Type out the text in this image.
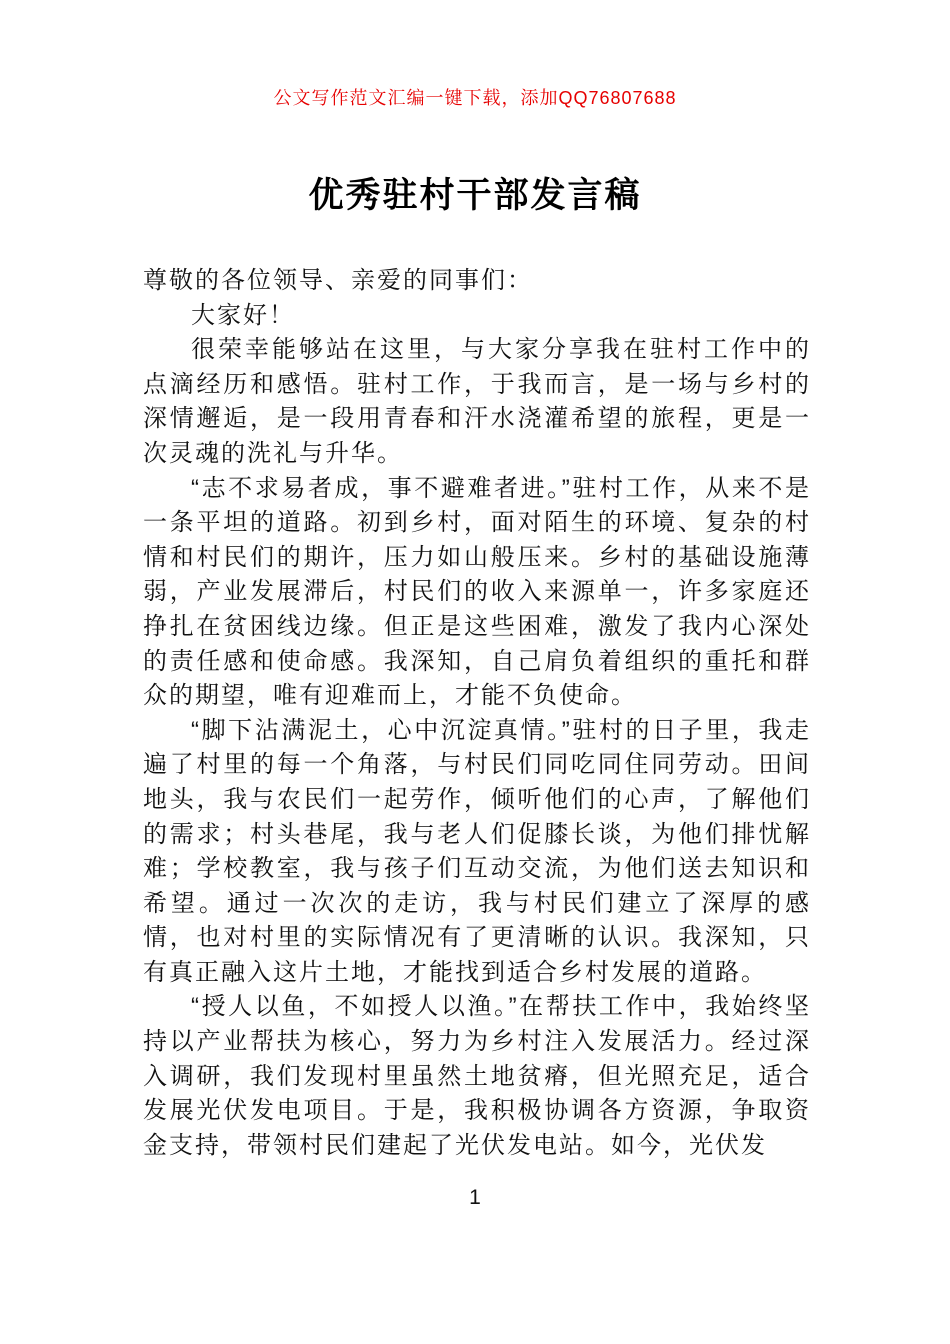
公文写作范文汇编一键下载，添加QQ76807688
优秀驻村干部发言稿

尊敬的各位领导、亲爱的同事们：

大家好！

很荣幸能够站在这里，与大家分享我在驻村工作中的点滴经历和感悟。驻村工作，于我而言，是一场与乡村的深情邂逅，是一段用青春和汗水浇灌希望的旅程，更是一次灵魂的洗礼与升华。

“志不求易者成，事不避难者进。”驻村工作，从来不是一条平坦的道路。初到乡村，面对陌生的环境、复杂的村情和村民们的期许，压力如山般压来。乡村的基础设施薄弱，产业发展滞后，村民们的收入来源单一，许多家庭还挣扎在贫困线边缘。但正是这些困难，激发了我内心深处的责任感和使命感。我深知，自己肩负着组织的重托和群众的期望，唯有迎难而上，才能不负使命。

“脚下沾满泥土，心中沉淀真情。”驻村的日子里，我走遍了村里的每一个角落，与村民们同吃同住同劳动。田间地头，我与农民们一起劳作，倾听他们的心声，了解他们的需求；村头巷尾，我与老人们促膝长谈，为他们排忧解难；学校教室，我与孩子们互动交流，为他们送去知识和希望。通过一次次的走访，我与村民们建立了深厚的感情，也对村里的实际情况有了更清晰的认识。我深知，只有真正融入这片土地，才能找到适合乡村发展的道路。

“授人以鱼，不如授人以渔。”在帮扶工作中，我始终坚持以产业帮扶为核心，努力为乡村注入发展活力。经过深入调研，我们发现村里虽然土地贫瘠，但光照充足，适合发展光伏发电项目。于是，我积极协调各方资源，争取资金支持，带领村民们建起了光伏发电站。如今，光伏发

1
